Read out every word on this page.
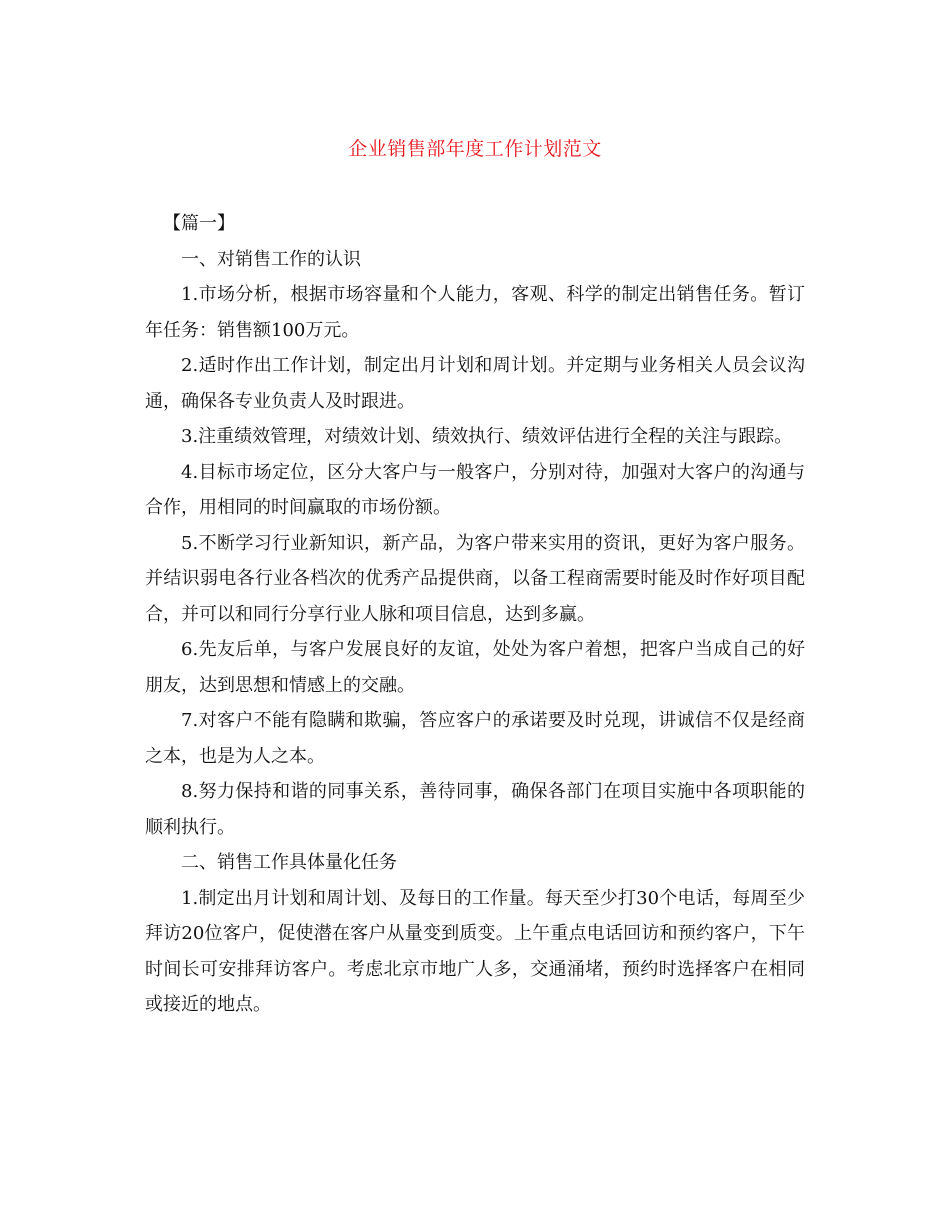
企业销售部年度工作计划范文

【篇一】

一、对销售工作的认识

1.市场分析，根据市场容量和个人能力，客观、科学的制定出销售任务。暂订年任务：销售额100万元。

2.适时作出工作计划，制定出月计划和周计划。并定期与业务相关人员会议沟通，确保各专业负责人及时跟进。

3.注重绩效管理，对绩效计划、绩效执行、绩效评估进行全程的关注与跟踪。

4.目标市场定位，区分大客户与一般客户，分别对待，加强对大客户的沟通与合作，用相同的时间赢取的市场份额。

5.不断学习行业新知识，新产品，为客户带来实用的资讯，更好为客户服务。并结识弱电各行业各档次的优秀产品提供商，以备工程商需要时能及时作好项目配合，并可以和同行分享行业人脉和项目信息，达到多赢。

6.先友后单，与客户发展良好的友谊，处处为客户着想，把客户当成自己的好朋友，达到思想和情感上的交融。

7.对客户不能有隐瞒和欺骗，答应客户的承诺要及时兑现，讲诚信不仅是经商之本，也是为人之本。

8.努力保持和谐的同事关系，善待同事，确保各部门在项目实施中各项职能的顺利执行。

二、销售工作具体量化任务

1.制定出月计划和周计划、及每日的工作量。每天至少打30个电话，每周至少拜访20位客户，促使潜在客户从量变到质变。上午重点电话回访和预约客户，下午时间长可安排拜访客户。考虑北京市地广人多，交通涌堵，预约时选择客户在相同或接近的地点。
